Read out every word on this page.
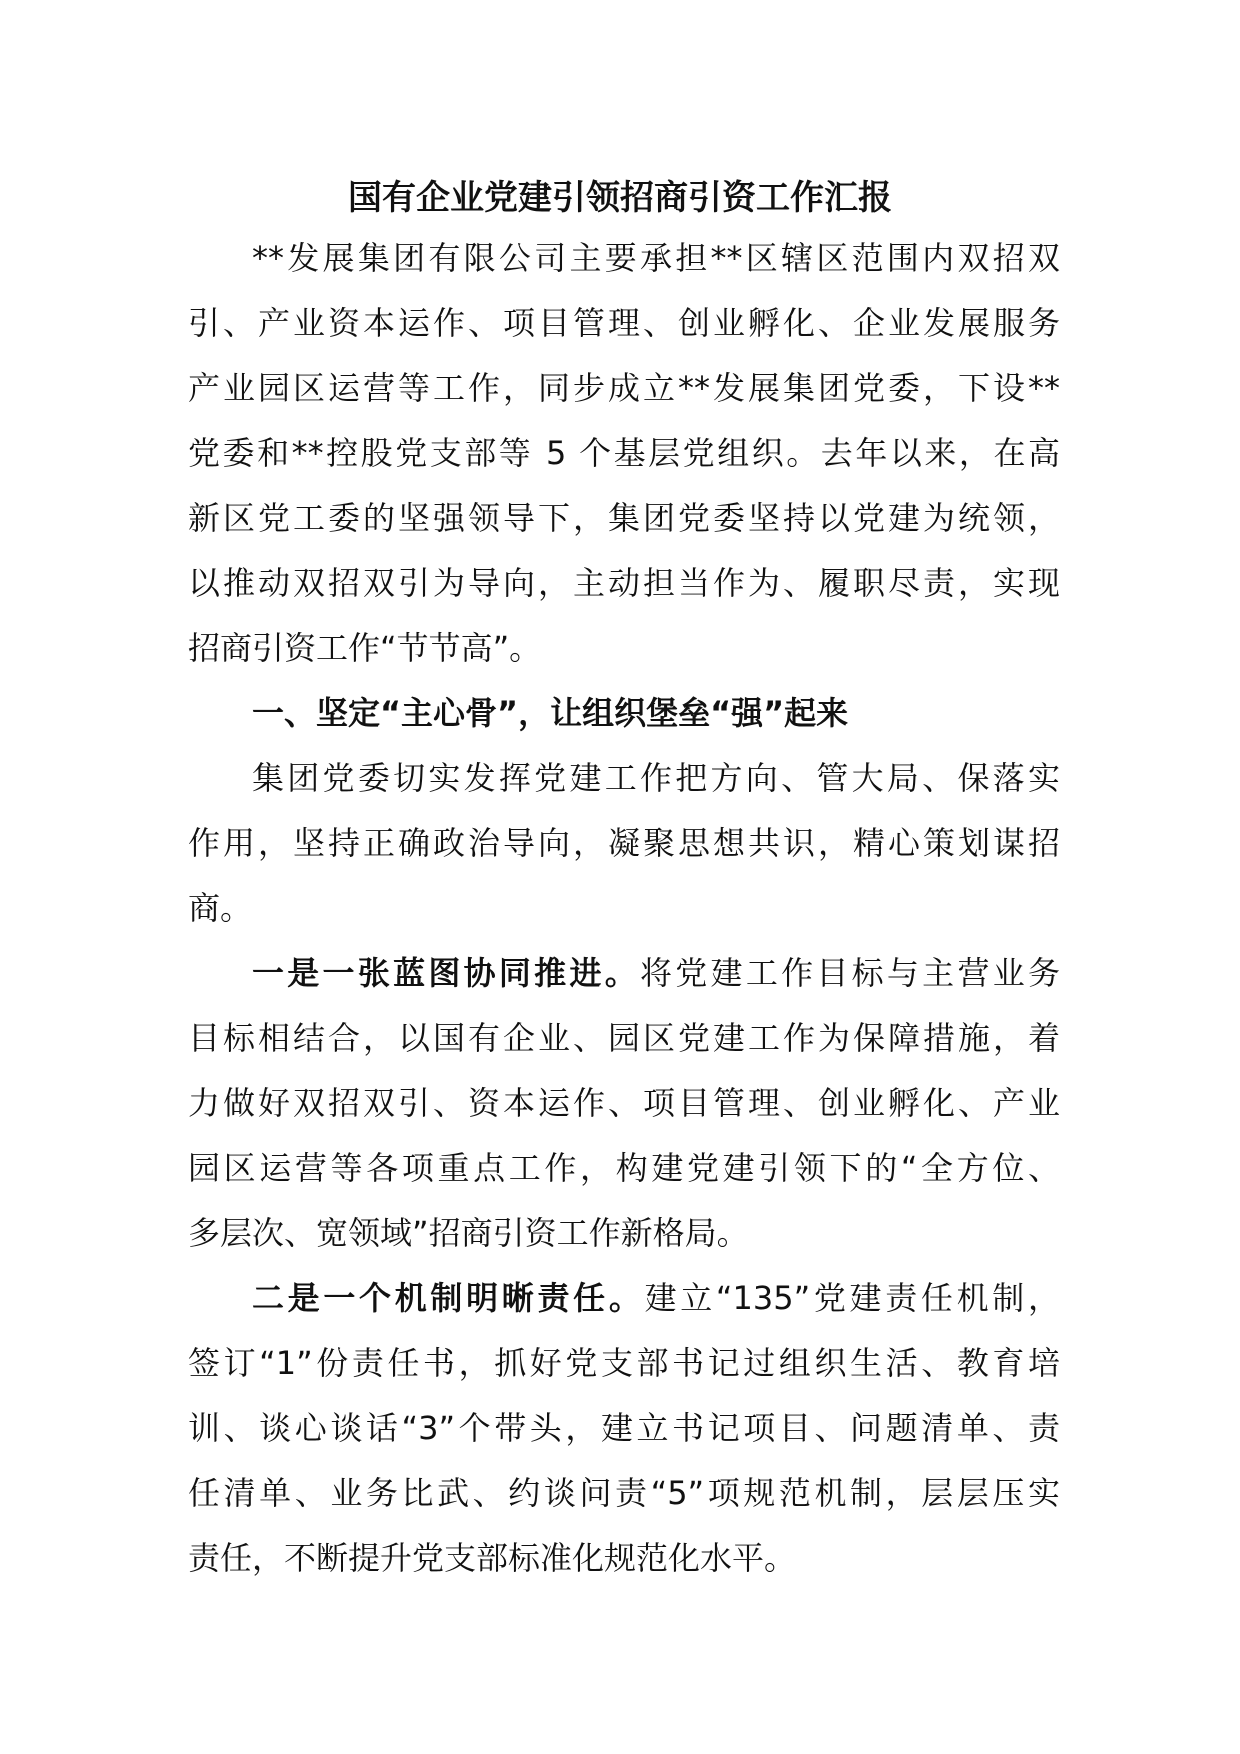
国有企业党建引领招商引资工作汇报
**发展集团有限公司主要承担**区辖区范围内双招双
引、产业资本运作、项目管理、创业孵化、企业发展服务
产业园区运营等工作，同步成立**发展集团党委，下设**
党委和**控股党支部等 5 个基层党组织。去年以来，在高
新区党工委的坚强领导下，集团党委坚持以党建为统领，
以推动双招双引为导向，主动担当作为、履职尽责，实现
招商引资工作“节节高”。
一、坚定“主心骨”，让组织堡垒“强”起来
集团党委切实发挥党建工作把方向、管大局、保落实
作用，坚持正确政治导向，凝聚思想共识，精心策划谋招
商。
一是一张蓝图协同推进。将党建工作目标与主营业务
目标相结合，以国有企业、园区党建工作为保障措施，着
力做好双招双引、资本运作、项目管理、创业孵化、产业
园区运营等各项重点工作，构建党建引领下的“全方位、
多层次、宽领域”招商引资工作新格局。
二是一个机制明晰责任。建立“135”党建责任机制，
签订“1”份责任书，抓好党支部书记过组织生活、教育培
训、谈心谈话“3”个带头，建立书记项目、问题清单、责
任清单、业务比武、约谈问责“5”项规范机制，层层压实
责任，不断提升党支部标准化规范化水平。
